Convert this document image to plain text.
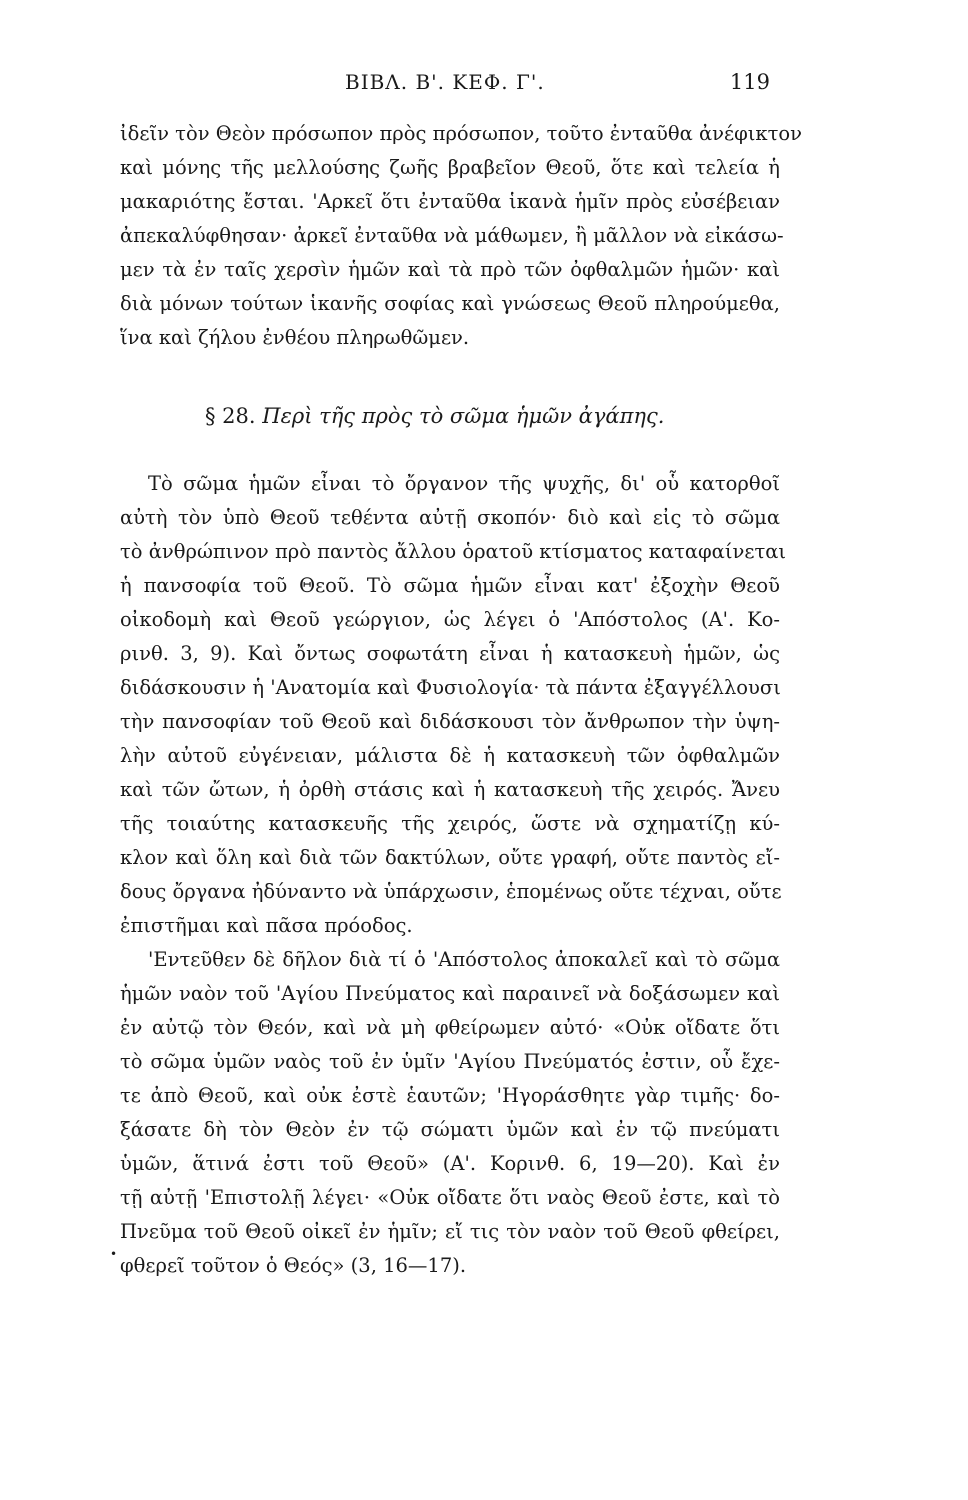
ΒΙΒΛ. Β'. ΚΕΦ. Γ'.	119
ἰδεῖν τὸν Θεὸν πρόσωπον πρὸς πρόσωπον, τοῦτο ἐνταῦθα ἀνέφικτον
καὶ μόνης τῆς μελλούσης ζωῆς βραβεῖον Θεοῦ, ὅτε καὶ τελεία ἡ
μακαριότης ἔσται. 'Αρκεῖ ὅτι ἐνταῦθα ἱκανὰ ἡμῖν πρὸς εὐσέβειαν
ἀπεκαλύφθησαν· ἀρκεῖ ἐνταῦθα νὰ μάθωμεν, ἢ μᾶλλον νὰ εἰκάσω-
μεν τὰ ἐν ταῖς χερσὶν ἡμῶν καὶ τὰ πρὸ τῶν ὀφθαλμῶν ἡμῶν· καὶ
διὰ μόνων τούτων ἱκανῆς σοφίας καὶ γνώσεως Θεοῦ πληρούμεθα,
ἵνα καὶ ζήλου ἐνθέου πληρωθῶμεν.
§ 28. Περὶ τῆς πρὸς τὸ σῶμα ἡμῶν ἀγάπης.
Τὸ σῶμα ἡμῶν εἶναι τὸ ὄργανον τῆς ψυχῆς, δι' οὗ κατορθοῖ
αὐτὴ τὸν ὑπὸ Θεοῦ τεθέντα αὐτῇ σκοπόν· διὸ καὶ εἰς τὸ σῶμα
τὸ ἀνθρώπινον πρὸ παντὸς ἄλλου ὁρατοῦ κτίσματος καταφαίνεται
ἡ πανσοφία τοῦ Θεοῦ. Τὸ σῶμα ἡμῶν εἶναι κατ' ἐξοχὴν Θεοῦ
οἰκοδομὴ καὶ Θεοῦ γεώργιον, ὡς λέγει ὁ 'Απόστολος (Α'. Κο-
ρινθ. 3, 9). Καὶ ὄντως σοφωτάτη εἶναι ἡ κατασκευὴ ἡμῶν, ὡς
διδάσκουσιν ἡ 'Ανατομία καὶ Φυσιολογία· τὰ πάντα ἐξαγγέλλουσι
τὴν πανσοφίαν τοῦ Θεοῦ καὶ διδάσκουσι τὸν ἄνθρωπον τὴν ὑψη-
λὴν αὐτοῦ εὐγένειαν, μάλιστα δὲ ἡ κατασκευὴ τῶν ὀφθαλμῶν
καὶ τῶν ὤτων, ἡ ὀρθὴ στάσις καὶ ἡ κατασκευὴ τῆς χειρός. Ἄνευ
τῆς τοιαύτης κατασκευῆς τῆς χειρός, ὥστε νὰ σχηματίζῃ κύ-
κλον καὶ ὅλη καὶ διὰ τῶν δακτύλων, οὔτε γραφή, οὔτε παντὸς εἴ-
δους ὄργανα ἠδύναντο νὰ ὑπάρχωσιν, ἑπομένως οὔτε τέχναι, οὔτε
ἐπιστῆμαι καὶ πᾶσα πρόοδος.
'Εντεῦθεν δὲ δῆλον διὰ τί ὁ 'Απόστολος ἀποκαλεῖ καὶ τὸ σῶμα
ἡμῶν ναὸν τοῦ 'Αγίου Πνεύματος καὶ παραινεῖ νὰ δοξάσωμεν καὶ
ἐν αὐτῷ τὸν Θεόν, καὶ νὰ μὴ φθείρωμεν αὐτό· «Οὐκ οἴδατε ὅτι
τὸ σῶμα ὑμῶν ναὸς τοῦ ἐν ὑμῖν 'Αγίου Πνεύματός ἐστιν, οὗ ἔχε-
τε ἀπὸ Θεοῦ, καὶ οὐκ ἐστὲ ἑαυτῶν; 'Ηγοράσθητε γὰρ τιμῆς· δο-
ξάσατε δὴ τὸν Θεὸν ἐν τῷ σώματι ὑμῶν καὶ ἐν τῷ πνεύματι
ὑμῶν, ἅτινά ἐστι τοῦ Θεοῦ» (Α'. Κορινθ. 6, 19—20). Καὶ ἐν
τῇ αὐτῇ 'Επιστολῇ λέγει· «Οὐκ οἴδατε ὅτι ναὸς Θεοῦ ἐστε, καὶ τὸ
Πνεῦμα τοῦ Θεοῦ οἰκεῖ ἐν ἡμῖν; εἴ τις τὸν ναὸν τοῦ Θεοῦ φθείρει,
φθερεῖ τοῦτον ὁ Θεός» (3, 16—17).
•
